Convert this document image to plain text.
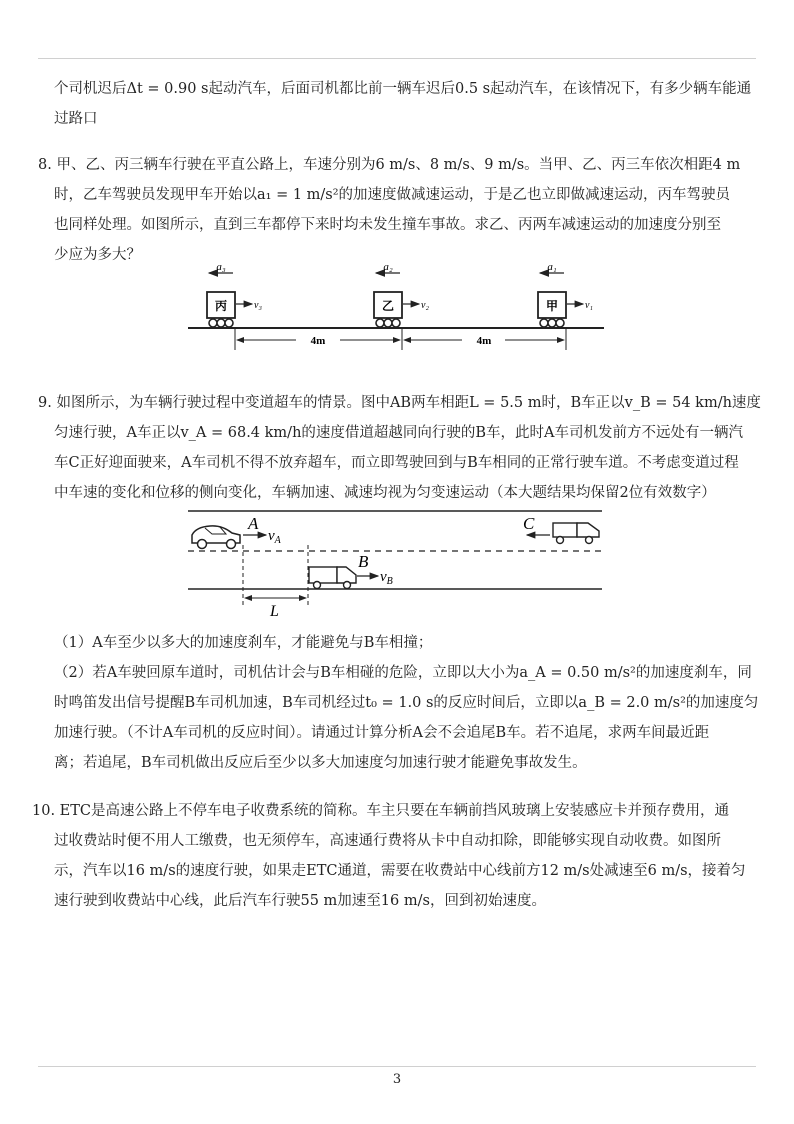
个司机迟后Δt = 0.90 s起动汽车，后面司机都比前一辆车迟后0.5 s起动汽车，在该情况下，有多少辆车能通
过路口
8. 甲、乙、丙三辆车行驶在平直公路上，车速分别为6 m/s、8 m/s、9 m/s。当甲、乙、丙三车依次相距4 m
时，乙车驾驶员发现甲车开始以a₁ = 1 m/s²的加速度做减速运动，于是乙也立即做减速运动，丙车驾驶员
也同样处理。如图所示，直到三车都停下来时均未发生撞车事故。求乙、丙两车减速运动的加速度分别至
少应为多大？
丙
a₃
v₃	乙
a₂
v₂	甲
a₁
v₁
4m	4m
9. 如图所示，为车辆行驶过程中变道超车的情景。图中AB两车相距L = 5.5 m时，B车正以v_B = 54 km/h速度
匀速行驶，A车正以v_A = 68.4 km/h的速度借道超越同向行驶的B车，此时A车司机发前方不远处有一辆汽
车C正好迎面驶来，A车司机不得不放弃超车，而立即驾驶回到与B车相同的正常行驶车道。不考虑变道过程
中车速的变化和位移的侧向变化，车辆加速、减速均视为匀变速运动（本大题结果均保留2位有效数字）
A
$v_A$
C
B
$v_B$
L
（1）A车至少以多大的加速度刹车，才能避免与B车相撞；
（2）若A车驶回原车道时，司机估计会与B车相碰的危险，立即以大小为a_A = 0.50 m/s²的加速度刹车，同
时鸣笛发出信号提醒B车司机加速，B车司机经过t₀ = 1.0 s的反应时间后，立即以a_B = 2.0 m/s²的加速度匀
加速行驶。（不计A车司机的反应时间）。请通过计算分析A会不会追尾B车。若不追尾，求两车间最近距
离；若追尾，B车司机做出反应后至少以多大加速度匀加速行驶才能避免事故发生。
10. ETC是高速公路上不停车电子收费系统的简称。车主只要在车辆前挡风玻璃上安装感应卡并预存费用，通
过收费站时便不用人工缴费，也无须停车，高速通行费将从卡中自动扣除，即能够实现自动收费。如图所
示，汽车以16 m/s的速度行驶，如果走ETC通道，需要在收费站中心线前方12 m/s处减速至6 m/s，接着匀
速行驶到收费站中心线，此后汽车行驶55 m加速至16 m/s，回到初始速度。
3
